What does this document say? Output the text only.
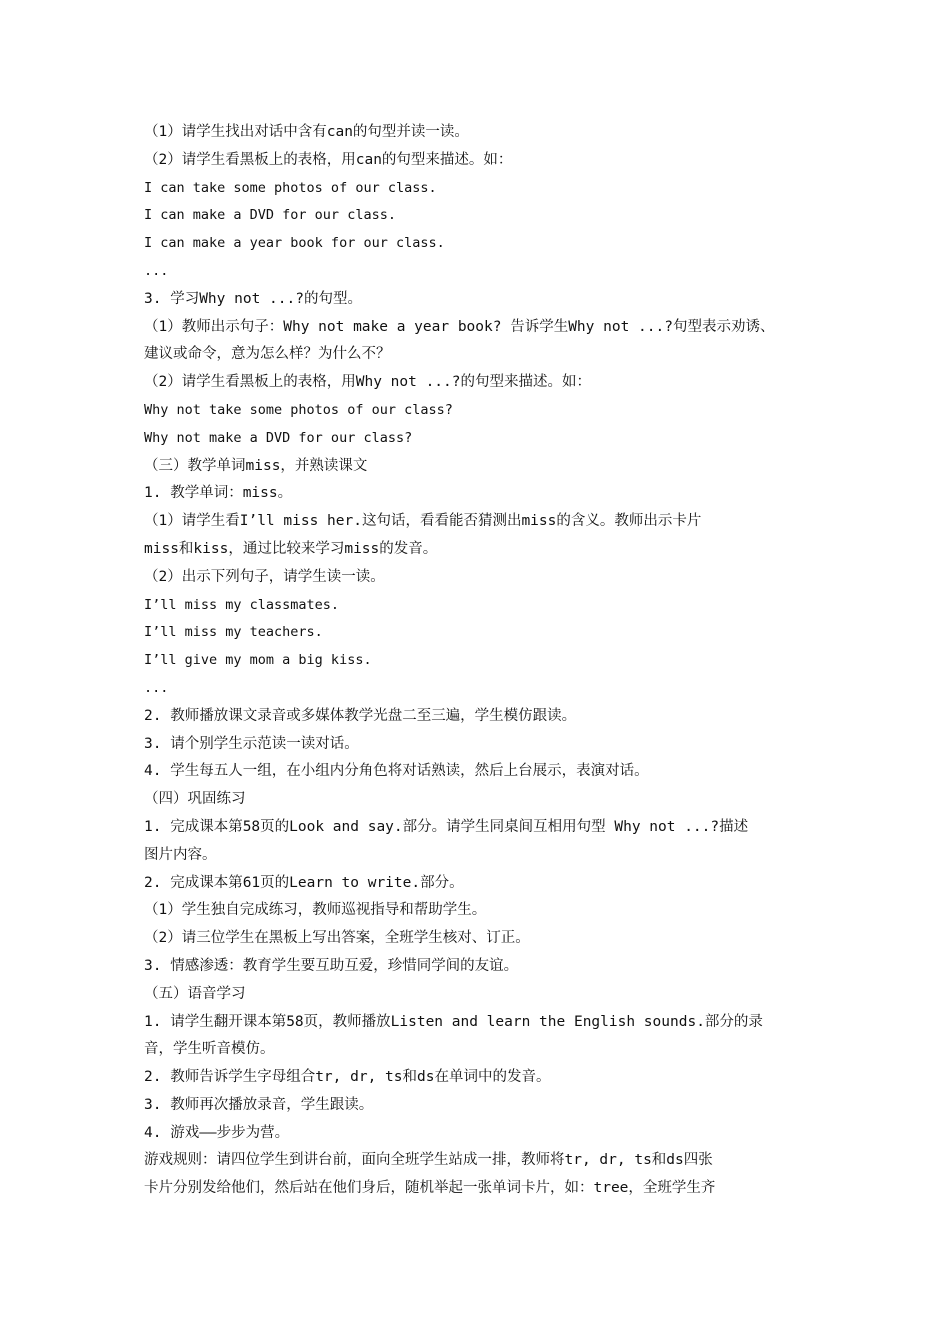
（1）请学生找出对话中含有can的句型并读一读。
（2）请学生看黑板上的表格，用can的句型来描述。如：
I can take some photos of our class.
I can make a DVD for our class.
I can make a year book for our class.
...
3. 学习Why not ...?的句型。
（1）教师出示句子：Why not make a year book? 告诉学生Why not ...?句型表示劝诱、
建议或命令，意为怎么样？为什么不？
（2）请学生看黑板上的表格，用Why not ...?的句型来描述。如：
Why not take some photos of our class?
Why not make a DVD for our class?
（三）教学单词miss，并熟读课文
1. 教学单词：miss。
（1）请学生看I’ll miss her.这句话，看看能否猜测出miss的含义。教师出示卡片
miss和kiss，通过比较来学习miss的发音。
（2）出示下列句子，请学生读一读。
I’ll miss my classmates.
I’ll miss my teachers.
I’ll give my mom a big kiss.
...
2. 教师播放课文录音或多媒体教学光盘二至三遍，学生模仿跟读。
3. 请个别学生示范读一读对话。
4. 学生每五人一组，在小组内分角色将对话熟读，然后上台展示，表演对话。
（四）巩固练习
1. 完成课本第58页的Look and say.部分。请学生同桌间互相用句型 Why not ...?描述
图片内容。
2. 完成课本第61页的Learn to write.部分。
（1）学生独自完成练习，教师巡视指导和帮助学生。
（2）请三位学生在黑板上写出答案，全班学生核对、订正。
3. 情感渗透：教育学生要互助互爱，珍惜同学间的友谊。
（五）语音学习
1. 请学生翻开课本第58页，教师播放Listen and learn the English sounds.部分的录
音，学生听音模仿。
2. 教师告诉学生字母组合tr, dr, ts和ds在单词中的发音。
3. 教师再次播放录音，学生跟读。
4. 游戏——步步为营。
游戏规则：请四位学生到讲台前，面向全班学生站成一排，教师将tr, dr, ts和ds四张
卡片分别发给他们，然后站在他们身后，随机举起一张单词卡片，如：tree，全班学生齐
